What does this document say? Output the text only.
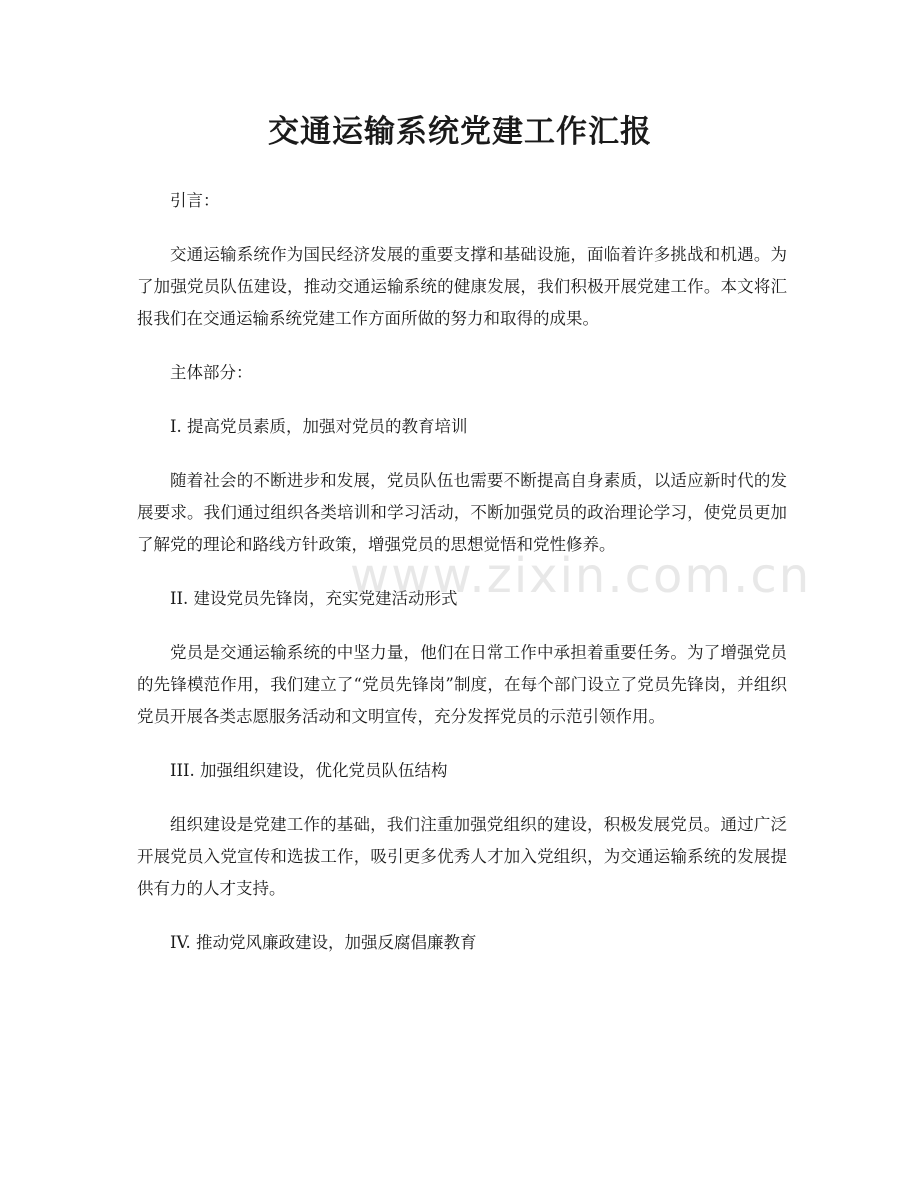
交通运输系统党建工作汇报

引言：

交通运输系统作为国民经济发展的重要支撑和基础设施，面临着许多挑战和机遇。为了加强党员队伍建设，推动交通运输系统的健康发展，我们积极开展党建工作。本文将汇报我们在交通运输系统党建工作方面所做的努力和取得的成果。

主体部分：

I. 提高党员素质，加强对党员的教育培训

随着社会的不断进步和发展，党员队伍也需要不断提高自身素质，以适应新时代的发展要求。我们通过组织各类培训和学习活动，不断加强党员的政治理论学习，使党员更加了解党的理论和路线方针政策，增强党员的思想觉悟和党性修养。

II. 建设党员先锋岗，充实党建活动形式

党员是交通运输系统的中坚力量，他们在日常工作中承担着重要任务。为了增强党员的先锋模范作用，我们建立了“党员先锋岗”制度，在每个部门设立了党员先锋岗，并组织党员开展各类志愿服务活动和文明宣传，充分发挥党员的示范引领作用。

III. 加强组织建设，优化党员队伍结构

组织建设是党建工作的基础，我们注重加强党组织的建设，积极发展党员。通过广泛开展党员入党宣传和选拔工作，吸引更多优秀人才加入党组织，为交通运输系统的发展提供有力的人才支持。

IV. 推动党风廉政建设，加强反腐倡廉教育

www.zixin.com.cn
